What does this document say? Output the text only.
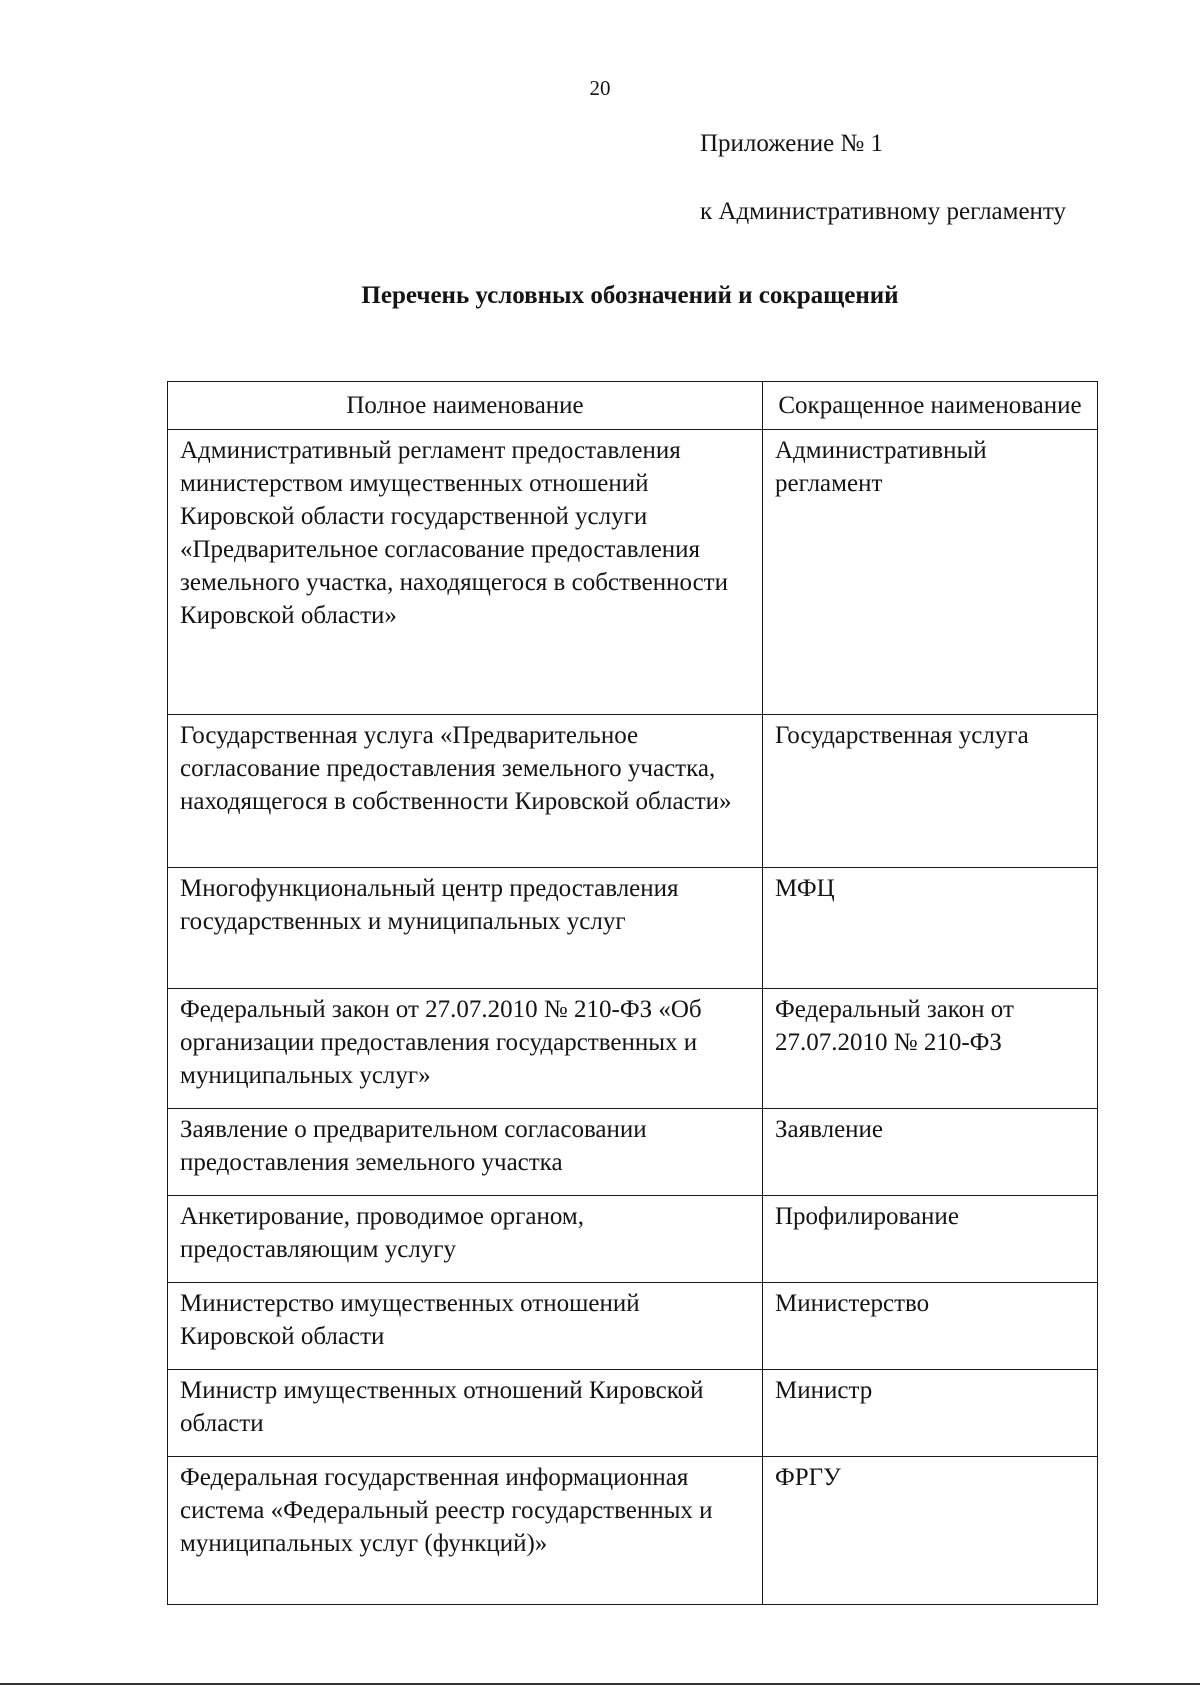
20
Приложение № 1
к Административному регламенту
Перечень условных обозначений и сокращений
Полное наименование	Сокращенное наименование
Административный регламент предоставления министерством имущественных отношений Кировской области государственной услуги «Предварительное согласование предоставления земельного участка, находящегося в собственности Кировской области»	Административный регламент
Государственная услуга «Предварительное согласование предоставления земельного участка, находящегося в собственности Кировской области»	Государственная услуга
Многофункциональный центр предоставления государственных и муниципальных услуг	МФЦ
Федеральный закон от 27.07.2010 № 210-ФЗ «Об организации предоставления государственных и муниципальных услуг»	Федеральный закон от 27.07.2010 № 210-ФЗ
Заявление о предварительном согласовании предоставления земельного участка	Заявление
Анкетирование, проводимое органом, предоставляющим услугу	Профилирование
Министерство имущественных отношений Кировской области	Министерство
Министр имущественных отношений Кировской области	Министр
Федеральная государственная информационная система «Федеральный реестр государственных и муниципальных услуг (функций)»	ФРГУ
